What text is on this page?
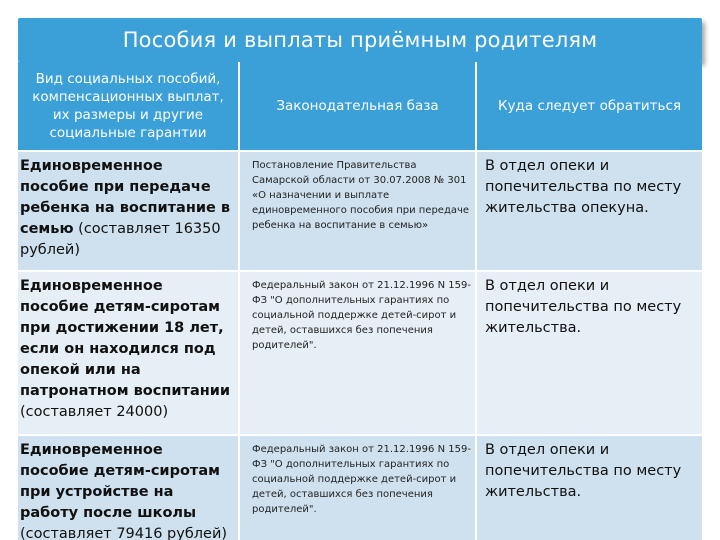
Пособия и выплаты приёмным родителям
Вид социальных пособий, компенсационных выплат, их размеры и другие социальные гарантии	Законодательная база	Куда следует обратиться
Единовременное пособие при передаче ребенка на воспитание в семью (составляет 16350 рублей)	Постановление Правительства Самарской области от 30.07.2008 № 301 «О назначении и выплате единовременного пособия при передаче ребенка на воспитание в семью»	В отдел опеки и попечительства по месту жительства опекуна.
Единовременное пособие детям-сиротам при достижении 18 лет, если он находился под опекой или на патронатном воспитании (составляет 24000)	Федеральный закон от 21.12.1996 N 159-ФЗ "О дополнительных гарантиях по социальной поддержке детей-сирот и детей, оставшихся без попечения родителей".	В отдел опеки и попечительства по месту жительства.
Единовременное пособие детям-сиротам при устройстве на работу после школы (составляет 79416 рублей)	Федеральный закон от 21.12.1996 N 159-ФЗ "О дополнительных гарантиях по социальной поддержке детей-сирот и детей, оставшихся без попечения родителей".	В отдел опеки и попечительства по месту жительства.
